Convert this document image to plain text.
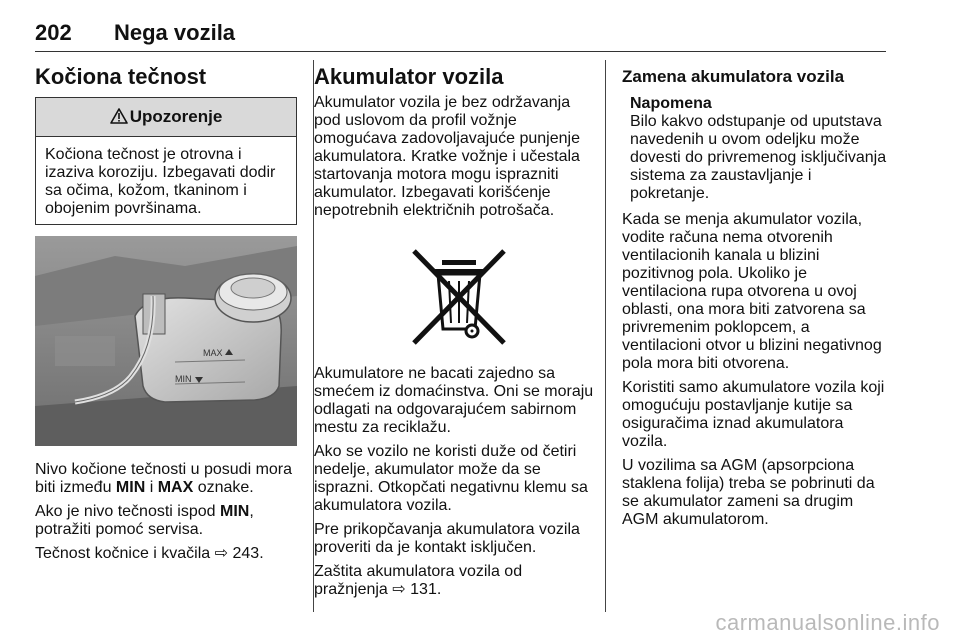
202 Nega vozila
Kočiona tečnost
Upozorenje
Kočiona tečnost je otrovna i izaziva koroziju. Izbegavati dodir sa očima, kožom, tkaninom i obojenim površinama.
MAX
MIN

Nivo kočione tečnosti u posudi mora biti između MIN i MAX oznake.

Ako je nivo tečnosti ispod MIN, potražiti pomoć servisa.

Tečnost kočnice i kvačila ⇨ 243.

Akumulator vozila

Akumulator vozila je bez održavanja pod uslovom da profil vožnje omogućava zadovoljavajuće punjenje akumulatora. Kratke vožnje i učestala startovanja motora mogu isprazniti akumulator. Izbegavati korišćenje nepotrebnih električnih potrošača.

Akumulatore ne bacati zajedno sa smećem iz domaćinstva. Oni se moraju odlagati na odgovarajućem sabirnom mestu za reciklažu.

Ako se vozilo ne koristi duže od četiri nedelje, akumulator može da se isprazni. Otkopčati negativnu klemu sa akumulatora vozila.

Pre prikopčavanja akumulatora vozila proveriti da je kontakt isključen.

Zaštita akumulatora vozila od pražnjenja ⇨ 131.

Zamena akumulatora vozila
Napomena
Bilo kakvo odstupanje od uputstava navedenih u ovom odeljku može dovesti do privremenog isključivanja sistema za zaustavljanje i pokretanje.

Kada se menja akumulator vozila, vodite računa nema otvorenih ventilacionih kanala u blizini pozitivnog pola. Ukoliko je ventilaciona rupa otvorena u ovoj oblasti, ona mora biti zatvorena sa privremenim poklopcem, a ventilacioni otvor u blizini negativnog pola mora biti otvorena.

Koristiti samo akumulatore vozila koji omogućuju postavljanje kutije sa osiguračima iznad akumulatora vozila.

U vozilima sa AGM (apsorpciona staklena folija) treba se pobrinuti da se akumulator zameni sa drugim AGM akumulatorom.

carmanualsonline.info
